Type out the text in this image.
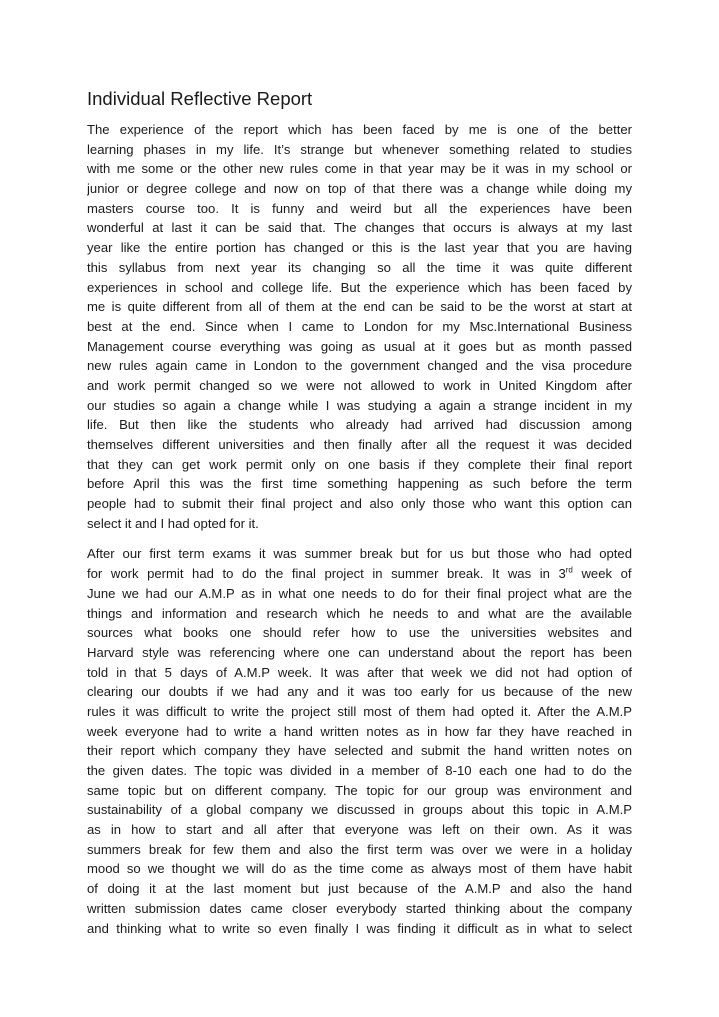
Individual Reflective Report
The experience of the report which has been faced by me is one of the better
learning phases in my life. It’s strange but whenever something related to studies
with me some or the other new rules come in that year may be it was in my school or
junior or degree college and now on top of that there was a change while doing my
masters course too. It is funny and weird but all the experiences have been
wonderful at last it can be said that. The changes that occurs is always at my last
year like the entire portion has changed or this is the last year that you are having
this syllabus from next year its changing so all the time it was quite different
experiences in school and college life. But the experience which has been faced by
me is quite different from all of them at the end can be said to be the worst at start at
best at the end. Since when I came to London for my Msc.International Business
Management course everything was going as usual at it goes but as month passed
new rules again came in London to the government changed and the visa procedure
and work permit changed so we were not allowed to work in United Kingdom after
our studies so again a change while I was studying a again a strange incident in my
life. But then like the students who already had arrived had discussion among
themselves different universities and then finally after all the request it was decided
that they can get work permit only on one basis if they complete their final report
before April this was the first time something happening as such before the term
people had to submit their final project and also only those who want this option can
select it and I had opted for it.
After our first term exams it was summer break but for us but those who had opted
for work permit had to do the final project in summer break. It was in 3rd week of
June we had our A.M.P as in what one needs to do for their final project what are the
things and information and research which he needs to and what are the available
sources what books one should refer how to use the universities websites and
Harvard style was referencing where one can understand about the report has been
told in that 5 days of A.M.P week. It was after that week we did not had option of
clearing our doubts if we had any and it was too early for us because of the new
rules it was difficult to write the project still most of them had opted it. After the A.M.P
week everyone had to write a hand written notes as in how far they have reached in
their report which company they have selected and submit the hand written notes on
the given dates. The topic was divided in a member of 8-10 each one had to do the
same topic but on different company. The topic for our group was environment and
sustainability of a global company we discussed in groups about this topic in A.M.P
as in how to start and all after that everyone was left on their own. As it was
summers break for few them and also the first term was over we were in a holiday
mood so we thought we will do as the time come as always most of them have habit
of doing it at the last moment but just because of the A.M.P and also the hand
written submission dates came closer everybody started thinking about the company
and thinking what to write so even finally I was finding it difficult as in what to select
